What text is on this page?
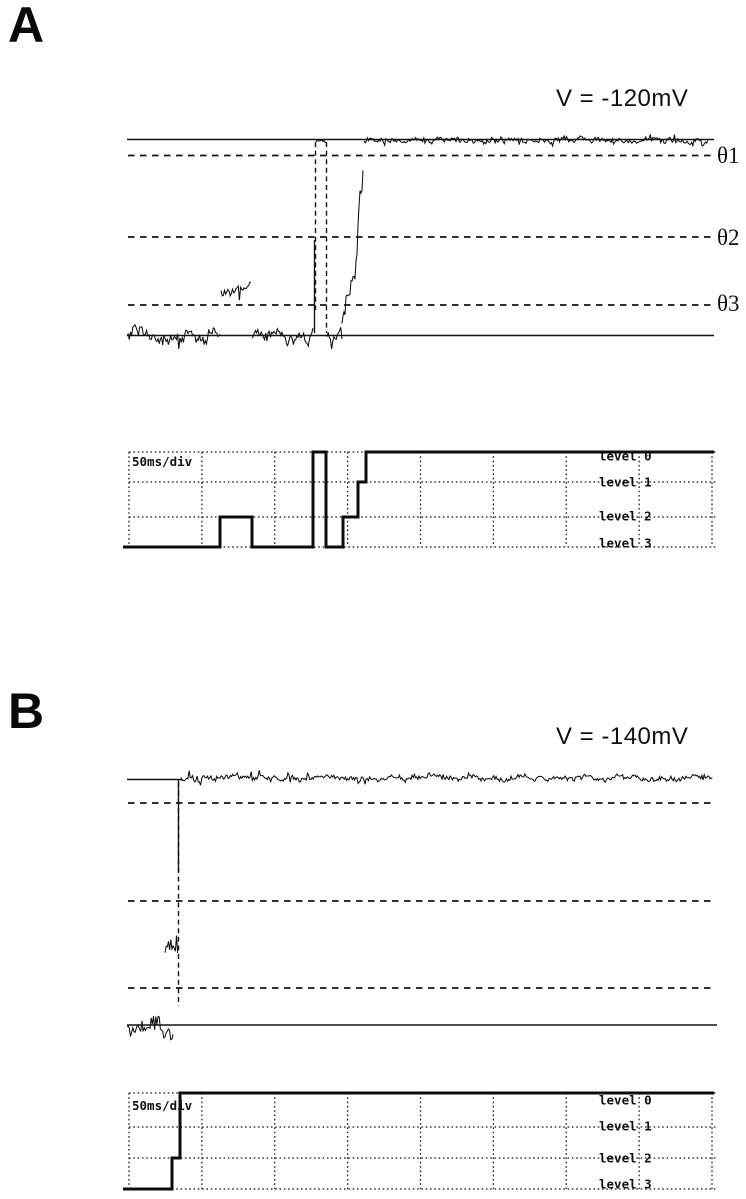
θ1
θ2
θ3
50ms/div	level 0
level 1
level 2
level 3
50ms/div	level 0
level 1
level 2
level 3
A
B
V = -120mV
V = -140mV
